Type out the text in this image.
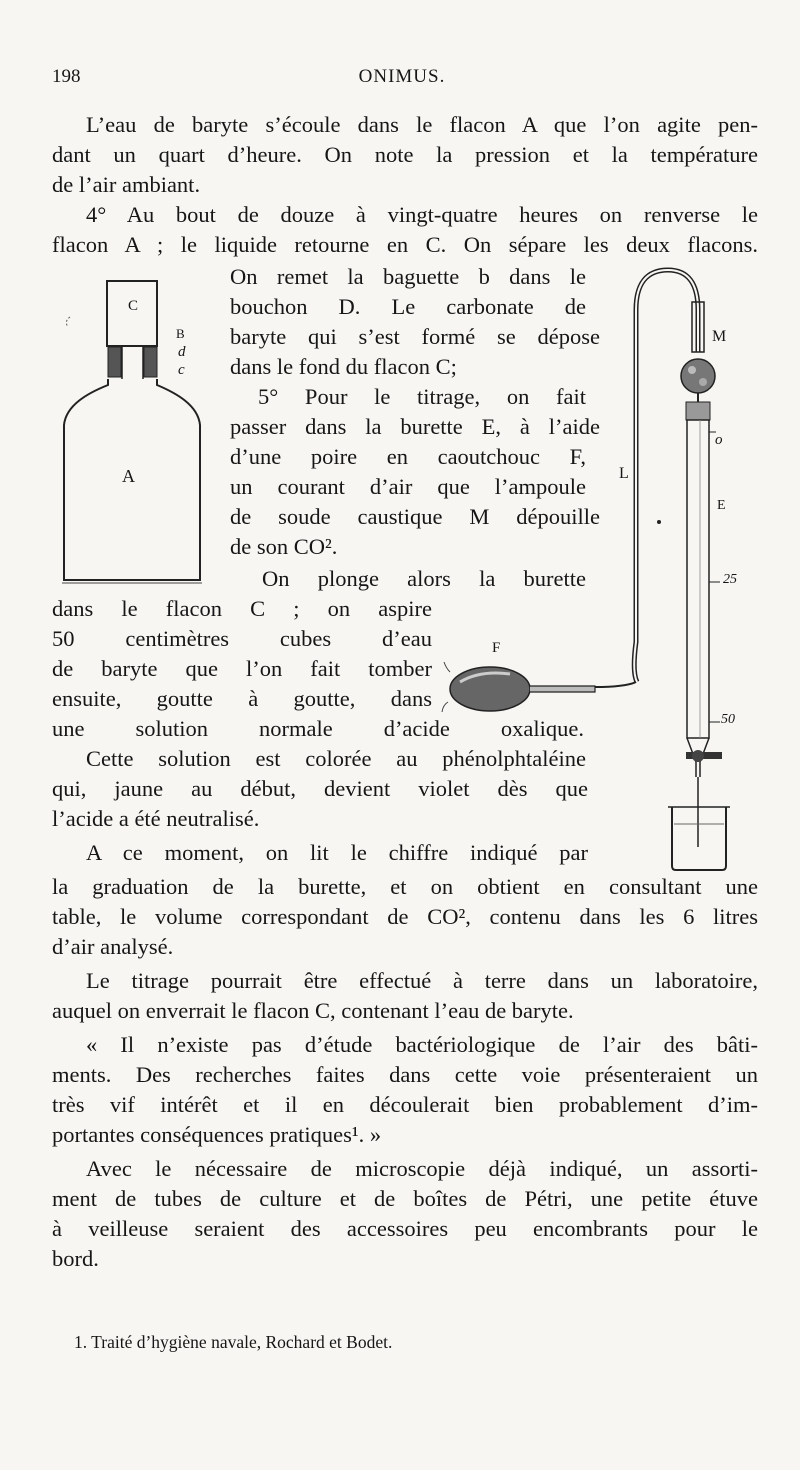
198	ONIMUS.
L’eau de baryte s’écoule dans le flacon A que l’on agite pen-
dant un quart d’heure. On note la pression et la température
de l’air ambiant.
4° Au bout de douze à vingt-quatre heures on renverse le
flacon A ; le liquide retourne en C. On sépare les deux flacons.
On remet la baguette b dans le
bouchon D. Le carbonate de
baryte qui s’est formé se dépose
dans le fond du flacon C;
5° Pour le titrage, on fait
passer dans la burette E, à l’aide
d’une poire en caoutchouc F,
un courant d’air que l’ampoule
de soude caustique M dépouille
de son CO².
On plonge alors la burette
dans le flacon C ; on aspire
50 centimètres cubes d’eau
de baryte que l’on fait tomber
ensuite, goutte à goutte, dans
une solution normale d’acide oxalique.
Cette solution est colorée au phénolphtaléine
qui, jaune au début, devient violet dès que
l’acide a été neutralisé.
A ce moment, on lit le chiffre indiqué par
la graduation de la burette, et on obtient en consultant une
table, le volume correspondant de CO², contenu dans les 6 litres
d’air analysé.
Le titrage pourrait être effectué à terre dans un laboratoire,
auquel on enverrait le flacon C, contenant l’eau de baryte.
« Il n’existe pas d’étude bactériologique de l’air des bâti-
ments. Des recherches faites dans cette voie présenteraient un
très vif intérêt et il en découlerait bien probablement d’im-
portantes conséquences pratiques¹. »
Avec le nécessaire de microscopie déjà indiqué, un assorti-
ment de tubes de culture et de boîtes de Pétri, une petite étuve
à veilleuse seraient des accessoires peu encombrants pour le
bord.
1. Traité d’hygiène navale, Rochard et Bodet.
C
B
d
c
A
M
o
L
E
25
F
50
